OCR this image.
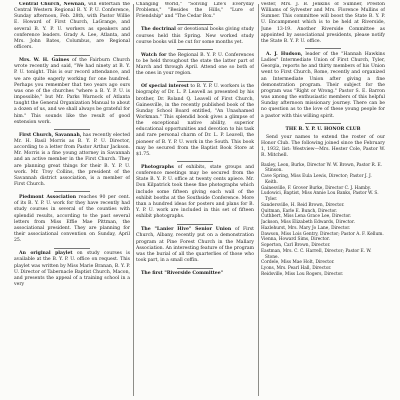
Central Church, Newnan, will entertain the Central Western Regional B. Y. P. U. Conference, Sunday afternoon, Feb. 28th, with Pastor Willie E. Howard of First Church, LaGrange, and several B. Y. P. U. workers as speakers and conference leaders. Grady A. Lee, Atlanta, and Mrs. John Bates, Columbus, are Regional officers.

Mrs. W. H. Gaines of the Fairburn Church wrote recently and said, "We had ninety at B. Y. P. U. tonight. This is our record attendance, and we are quite eagerly working for one hundred. Perhaps you remember that two years ago ours was one of the churches "where a B. Y. P. U. is impossible," but Mr. Parks Warnock of Atlanta taught the General Organization Manual to about a dozen of us, and we shall always be grateful for him." This sounds like the result of good extension work.

First Church, Savannah, has recently elected Mr. H. Basil Morris as B. Y. P. U. Director, according to a letter from Pastor Arthur Jackson. Mr. Morris is a fine young attorney in Savannah and an active member in the First Church. They are planning great things for their B. Y. P. U. work. Mr. Troy Collins, the president of the Savannah district association, is a member of First Church.

Piedmont Association reaches 90 per cent. of its B. Y. P. U. work for they have recently had study courses in several of the counties with splendid results, according to the past several letters from Miss Effie Mae Pittman, the associational president. They are planning for their associational convention on Sunday, April 25.

An original playlet on study courses is available at the B. Y. P. U. office on request. This playlet was written by Miss Marie Branan, B. Y. P. U. Director of Tabernacle Baptist Church, Macon, and presents the appeal of a training school in a very

Changing World," "Solving Life's Everyday Problems," "Besides the Hills," "Lure of Friendship" and "The Cedar Box."

The doctrinal or devotional books giving study courses held this Spring. New worked study course books will be cut for some months yet.

Watch for the Regional B. Y. P. U. Conferences to be held throughout the state the latter part of March and through April. Attend one so both of the ones in your region.

Of special interest to B. Y. P. U. workers is the biography of Dr. L. P. Leavell as presented by his brother, Dr. Roland Q. Leavell of First Church, Gainesville, in the recently published book of the Sunday School Board entitled, "An Unashamed Workman." This splendid book gives a glimpse of the exceptional native ability, superior educational opportunities and devotion to his task and rare personal charm of Dr. L. P. Leavell, the pioneer of B. Y. P. U. work in the South. This book may be secured from the Baptist Book Store at $1.75.

Photographs of exhibits, state groups and conference meetings may be secured from the State B. Y. P. U. office at twenty cents apiece. Mr. Don Kilpatrick took these fine photographs which include some fifteen giving each wall of the exhibit booths at the Southside Conference. More than a hundred ideas for posters and plans for B. Y. P. U. work are included in this set of fifteen exhibit photographs.

The "Lanier Hive" Senior Union of First Church, Albany, recently put on a demonstration program at Pine Forest Church in the Mallary Association. An interesting feature of the program was the burial of all the quarterlies of those who took part, in a small coffin.

The first "Riverside Committee"

vester, Mrs. J. B. Jenkins of Sumner, Preston Williams of Sylvester and Mrs. Florence Mullins of Sumner. This committee will boost the State B. Y. P. U. Encampment which is to be held at Riverside, June 13-19. Another Riverside Committee as appointed by associational presidents, please notify the State B. Y. P. U. office.

A. J. Hudson, leader of the "Hannah Hawkins Ladies" Intermediate Union of First Church, Tyler, Georgia, reports he and thirty members of his Union went to First Church, Rome, recently and organized an Intermediate Union after giving a fine demonstration program. Their subject for the program was "Right or Wrong." Pastor S. E. Barron was among the enthusiastic members of this helpful Sunday afternoon missionary journey. There can be no question as to the love of these young people for a pastor with this willing spirit.

THE B. Y. P. U. HONOR CLUB

Send your names to extend the roster of our Honor Club. The following joined since the February 1, 1932, list: Westview—Mrs. Hester Cole, Pastor W. R. Mitchell.

Baxley, Leon, Burke, Director W. W. Brown, Pastor R. E. Stinson.
Cave Spring, Miss Eula Lewis, Director; Pastor J. J. Keith.
Gainesville, F. Grover Burke, Director C. J. Hamby.
Ludowici, Baptist, Miss Annie Lou Banks, Pastor W. S. Tyler.
Sandersville, H. Reid Brown, Director.
Quitman, Earle E. Bunch, Director.
Cuthbert, Miss Lena Grace Lee, Director.
Jackson, Miss Elizabeth Edwards, Director.
Hazlehurst, Mrs. Mary Jo Lane, Director.
Dawson, Miss Lois Gentry, Director; Pastor A. F. Kellum.
Vienna, Howard Sims, Director.
Soperton, Carl Brown, Director.
Eastman, Mrs. C. C. Harrell, Director; Pastor E. W. Stone.
Cordele, Miss Mae Holt, Director.
Lyons, Mrs. Pearl Hall, Director.
Reidsville, Miss Lou Rogers, Director.
